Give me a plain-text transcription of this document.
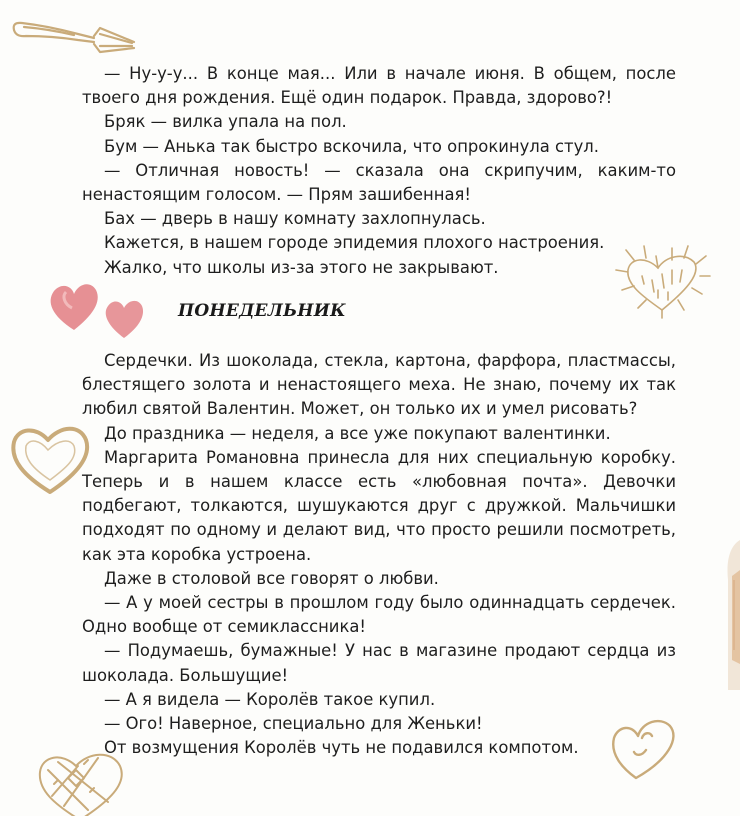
— Ну-у-у... В конце мая... Или в начале июня. В общем, после твоего дня рождения. Ещё один подарок. Правда, здорово?!

Бряк — вилка упала на пол.

Бум — Анька так быстро вскочила, что опрокинула стул.

— Отличная новость! — сказала она скрипучим, каким-то ненастоящим голосом. — Прям зашибенная!

Бах — дверь в нашу комнату захлопнулась.

Кажется, в нашем городе эпидемия плохого настроения.

Жалко, что школы из-за этого не закрывают.

ПОНЕДЕЛЬНИК

Сердечки. Из шоколада, стекла, картона, фарфора, пластмассы, блестящего золота и ненастоящего меха. Не знаю, почему их так любил святой Валентин. Может, он только их и умел рисовать?

До праздника — неделя, а все уже покупают валентинки.

Маргарита Романовна принесла для них специальную коробку. Теперь и в нашем классе есть «любовная почта». Девочки подбегают, толкаются, шушукаются друг с дружкой. Мальчишки подходят по одному и делают вид, что просто решили посмотреть, как эта коробка устроена.

Даже в столовой все говорят о любви.

— А у моей сестры в прошлом году было одиннадцать сердечек. Одно вообще от семиклассника!

— Подумаешь, бумажные! У нас в магазине продают сердца из шоколада. Большущие!

— А я видела — Королёв такое купил.

— Ого! Наверное, специально для Женьки!

От возмущения Королёв чуть не подавился компотом.
